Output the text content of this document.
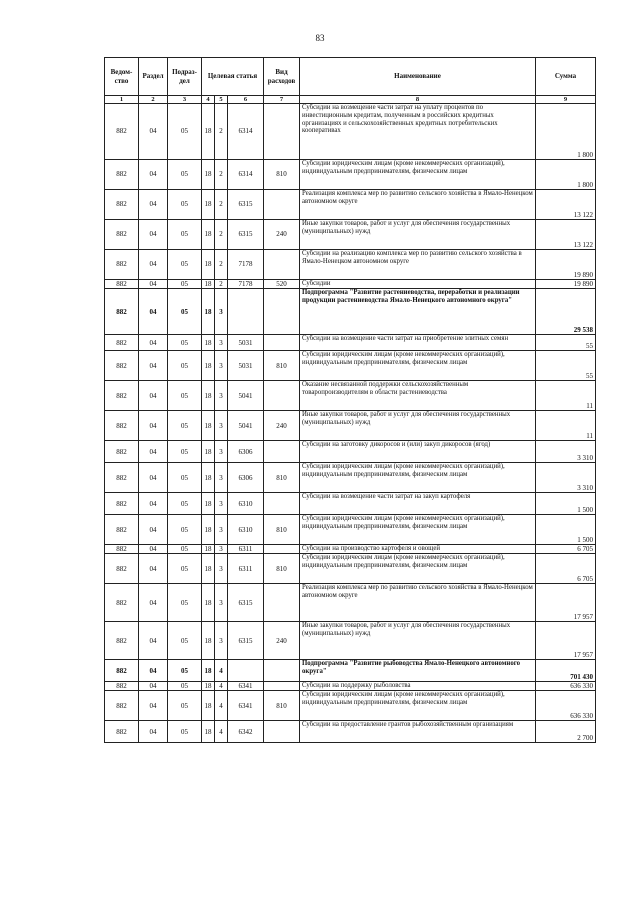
83
Ведом-ство	Раздел	Подраз-дел	Целевая статья			Вид расходов	Наименование	Сумма
1	2	3	4	5	6	7	8	9
882	04	05	18	2	6314		Субсидии на возмещение части затрат на уплату процентов по инвестиционным кредитам, полученным в российских кредитных организациях и сельскохозяйственных кредитных потребительских кооперативах	1 800
882	04	05	18	2	6314	810	Субсидии юридическим лицам (кроме некоммерческих организаций), индивидуальным предпринимателям, физическим лицам	1 800
882	04	05	18	2	6315		Реализация комплекса мер по развитию сельского хозяйства в Ямало-Ненецком автономном округе	13 122
882	04	05	18	2	6315	240	Иные закупки товаров, работ и услуг для обеспечения государственных (муниципальных) нужд	13 122
882	04	05	18	2	7178		Субсидии на реализацию комплекса мер по развитию сельского хозяйства в Ямало-Ненецком автономном округе	19 890
882	04	05	18	2	7178	520	Субсидии	19 890
882	04	05	18	3			Подпрограмма "Развитие растениеводства, переработки и реализации продукции растениеводства Ямало-Ненецкого автономного округа"	29 538
882	04	05	18	3	5031		Субсидии на возмещение части затрат на приобретение элитных семян	55
882	04	05	18	3	5031	810	Субсидии юридическим лицам (кроме некоммерческих организаций), индивидуальным предпринимателям, физическим лицам	55
882	04	05	18	3	5041		Оказание несвязанной поддержки сельскохозяйственным товаропроизводителям в области растениеводства	11
882	04	05	18	3	5041	240	Иные закупки товаров, работ и услуг для обеспечения государственных (муниципальных) нужд	11
882	04	05	18	3	6306		Субсидии на заготовку дикоросов и (или) закуп дикоросов (ягод)	3 310
882	04	05	18	3	6306	810	Субсидии юридическим лицам (кроме некоммерческих организаций), индивидуальным предпринимателям, физическим лицам	3 310
882	04	05	18	3	6310		Субсидии на возмещение части затрат на закуп картофеля	1 500
882	04	05	18	3	6310	810	Субсидии юридическим лицам (кроме некоммерческих организаций), индивидуальным предпринимателям, физическим лицам	1 500
882	04	05	18	3	6311		Субсидии на производство картофеля и овощей	6 705
882	04	05	18	3	6311	810	Субсидии юридическим лицам (кроме некоммерческих организаций), индивидуальным предпринимателям, физическим лицам	6 705
882	04	05	18	3	6315		Реализация комплекса мер по развитию сельского хозяйства в Ямало-Ненецком автономном округе	17 957
882	04	05	18	3	6315	240	Иные закупки товаров, работ и услуг для обеспечения государственных (муниципальных) нужд	17 957
882	04	05	18	4			Подпрограмма "Развитие рыбоводства Ямало-Ненецкого автономного округа"	701 430
882	04	05	18	4	6341		Субсидии на поддержку рыболовства	636 330
882	04	05	18	4	6341	810	Субсидии юридическим лицам (кроме некоммерческих организаций), индивидуальным предпринимателям, физическим лицам	636 330
882	04	05	18	4	6342		Субсидии на предоставление грантов рыбохозяйственным организациям	2 700
